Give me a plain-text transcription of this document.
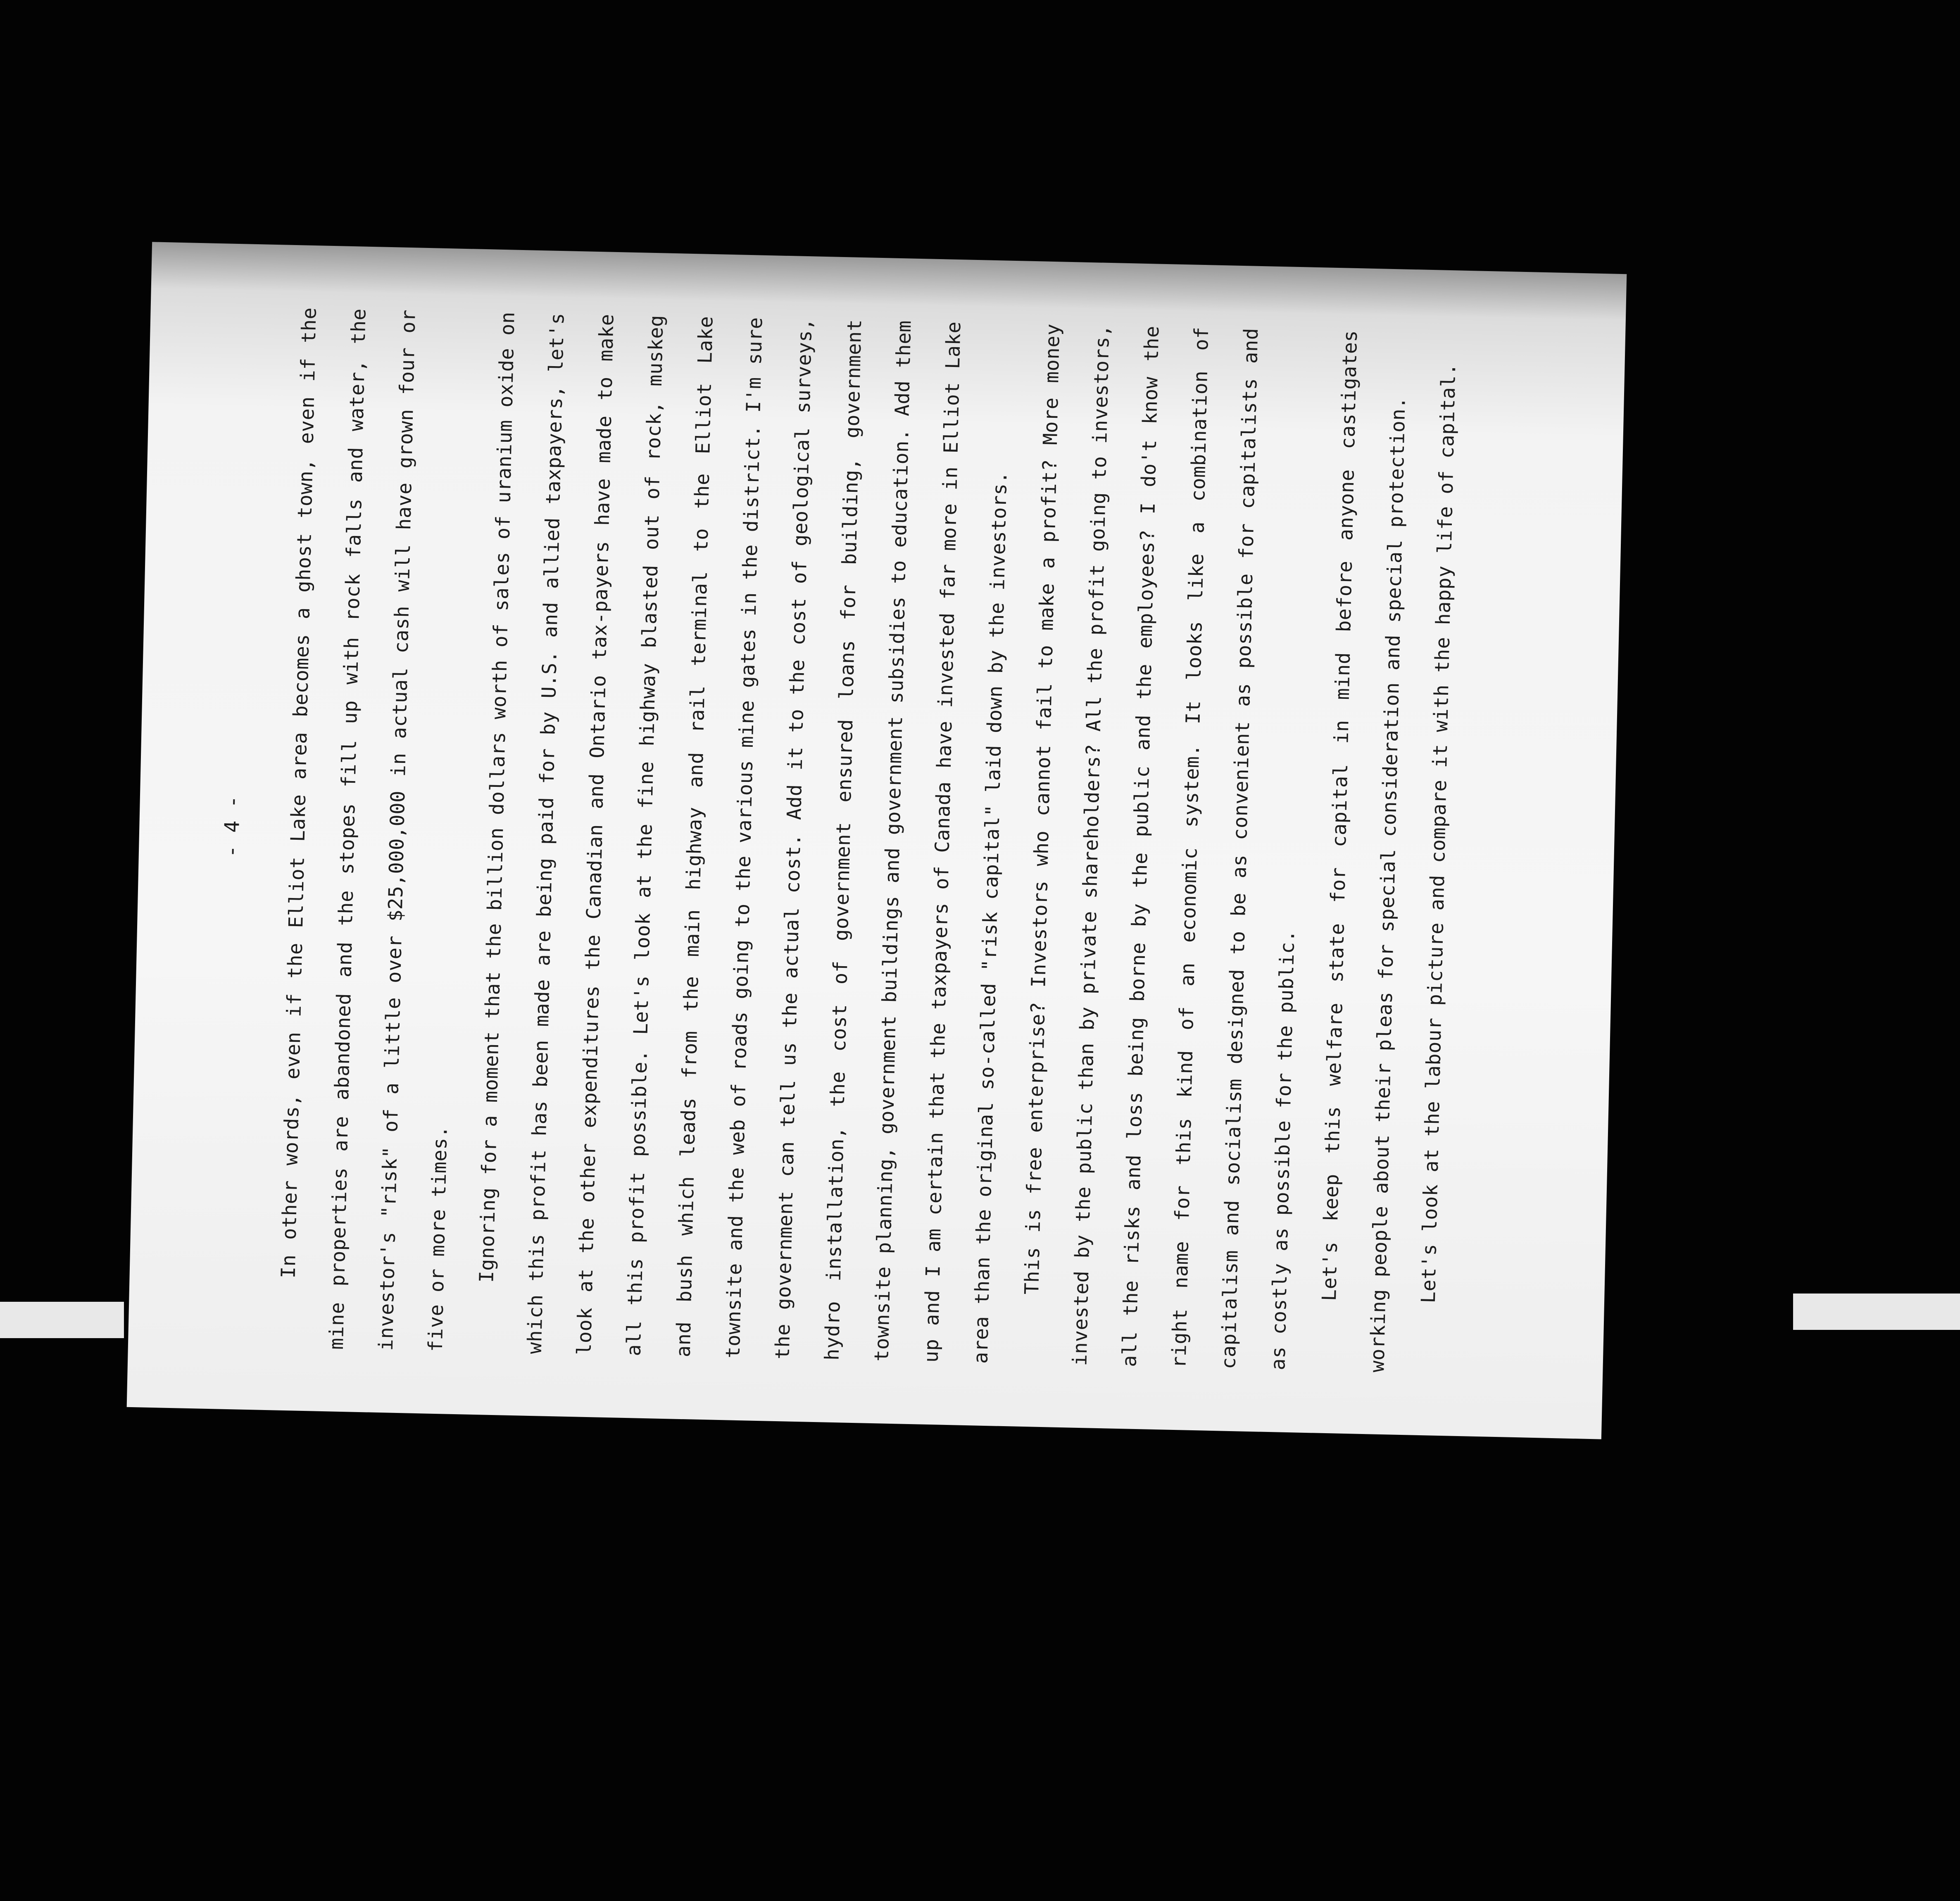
- 4 -	In other words, even if the Elliot Lake area becomes a ghost town, even if the mine properties are abandoned and the stopes fill up with rock falls and water, the investor's "risk" of a little over $25,000,000 in actual cash will have grown four or five or more times.	Ignoring for a moment that the billion dollars worth of sales of uranium oxide on which this profit has been made are being paid for by U.S. and allied taxpayers, let's look at the other expenditures the Canadian and Ontario tax-payers have made to make all this profit possible. Let's look at the fine highway blasted out of rock, muskeg and bush which leads from the main highway and rail terminal to the Elliot Lake townsite and the web of roads going to the various mine gates in the district. I'm sure the government can tell us the actual cost. Add it to the cost of geological surveys, hydro installation, the cost of government ensured loans for building, government townsite planning, government buildings and government subsidies to education. Add them up and I am certain that the taxpayers of Canada have invested far more in Elliot Lake area than the original so-called "risk capital" laid down by the investors. This is free enterprise? Investors who cannot fail to make a profit? More money invested by the public than by private shareholders? All the profit going to investors, all the risks and loss being borne by the public and the employees? I do't know the right name for this kind of an economic system. It looks like a combination of capitalism and socialism designed to be as convenient as possible for capitalists and as costly as possible for the public. Let's keep this welfare state for capital in mind before anyone castigates working people about their pleas for special consideration and special protection. Let's look at the labour picture and compare it with the happy life of capital.
